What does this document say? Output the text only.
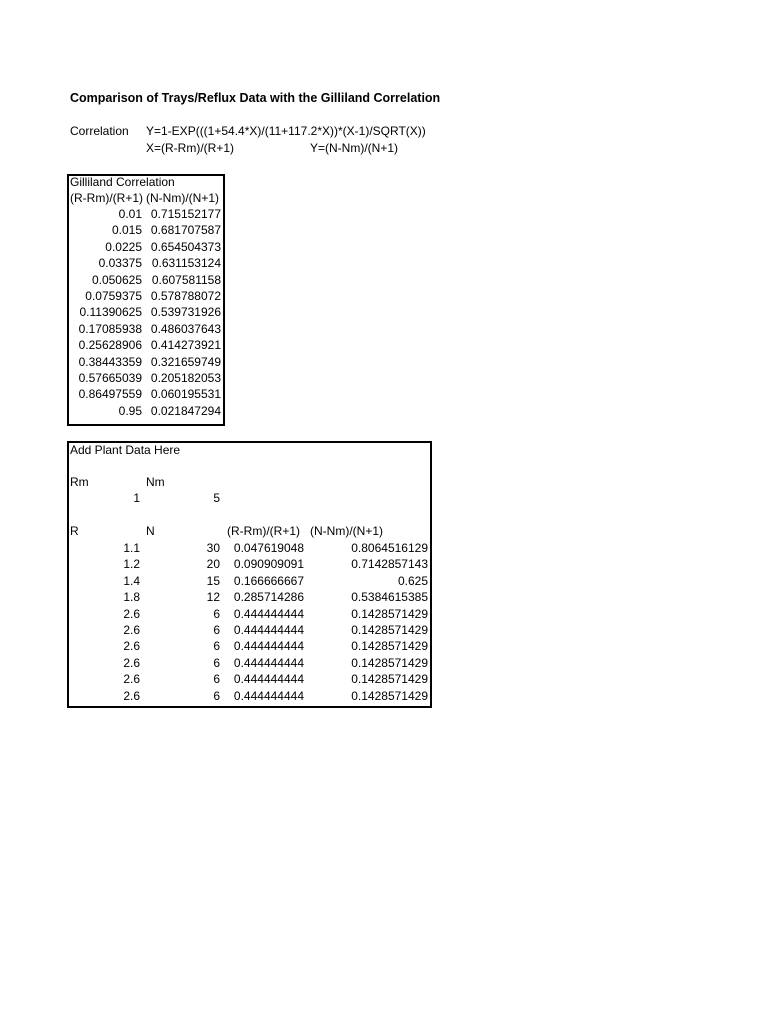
Comparison of Trays/Reflux Data with the Gilliland Correlation
Correlation Y=1-EXP(((1+54.4*X)/(11+117.2*X))*(X-1)/SQRT(X))
X=(R-Rm)/(R+1)	Y=(N-Nm)/(N+1)
Gilliland Correlation
(R-Rm)/(R+1) (N-Nm)/(N+1)
0.01 0.715152177
0.015 0.681707587
0.0225 0.654504373
0.03375 0.631153124
0.050625 0.607581158
0.0759375 0.578788072
0.11390625 0.539731926
0.17085938 0.486037643
0.25628906 0.414273921
0.38443359 0.321659749
0.57665039 0.205182053
0.86497559 0.060195531
0.95 0.021847294
Add Plant Data Here
Rm	Nm
1	5
R	N	(R-Rm)/(R+1) (N-Nm)/(N+1)
1.1	30	0.047619048	0.8064516129
1.2	20	0.090909091	0.7142857143
1.4	15	0.166666667	0.625
1.8	12	0.285714286	0.5384615385
2.6	6	0.444444444	0.1428571429
2.6	6	0.444444444	0.1428571429
2.6	6	0.444444444	0.1428571429
2.6	6	0.444444444	0.1428571429
2.6	6	0.444444444	0.1428571429
2.6	6	0.444444444	0.1428571429
